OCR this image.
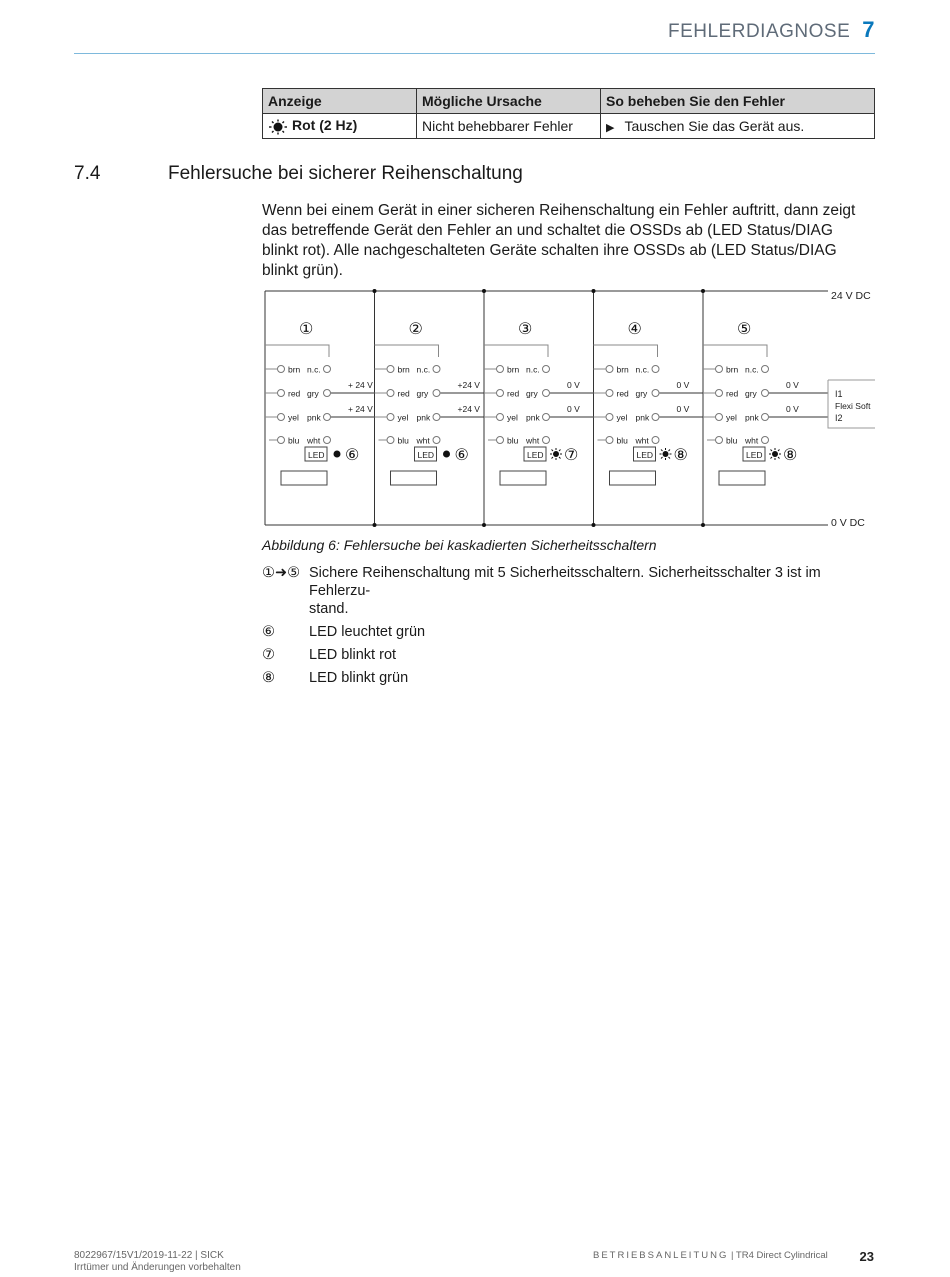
FEHLERDIAGNOSE 7
Anzeige	Mögliche Ursache	So beheben Sie den Fehler
Rot (2 Hz)	Nicht behebbarer Fehler	▶ Tauschen Sie das Gerät aus.
7.4	Fehlersuche bei sicherer Reihenschaltung
Wenn bei einem Gerät in einer sicheren Reihenschaltung ein Fehler auftritt, dann zeigt
das betreffende Gerät den Fehler an und schaltet die OSSDs ab (LED Status/DIAG
blinkt rot). Alle nachgeschalteten Geräte schalten ihre OSSDs ab (LED Status/DIAG
blinkt grün).
24 V DC
0 V DC
①
brn n.c.
red gry
yel pnk
blu wht
+ 24 V
+ 24 V
LED ⑥
②
brn n.c.
red gry
yel pnk
blu wht
+24 V
+24 V
LED ⑥
③
brn n.c.
red gry
yel pnk
blu wht
0 V
0 V
LED ⑦
④
brn n.c.
red gry
yel pnk
blu wht
0 V
0 V
LED ⑧
⑤
brn n.c.
red gry
yel pnk
blu wht
0 V
0 V
LED ⑧
I1
Flexi Soft
I2
Abbildung 6: Fehlersuche bei kaskadierten Sicherheitsschaltern
①➜⑤ Sichere Reihenschaltung mit 5 Sicherheitsschaltern. Sicherheitsschalter 3 ist im Fehlerzu-
stand.
⑥	LED leuchtet grün
⑦	LED blinkt rot
⑧	LED blinkt grün
8022967/15V1/2019-11-22 | SICK
Irrtümer und Änderungen vorbehalten
BETRIEBSANLEITUNG | TR4 Direct Cylindrical 23
